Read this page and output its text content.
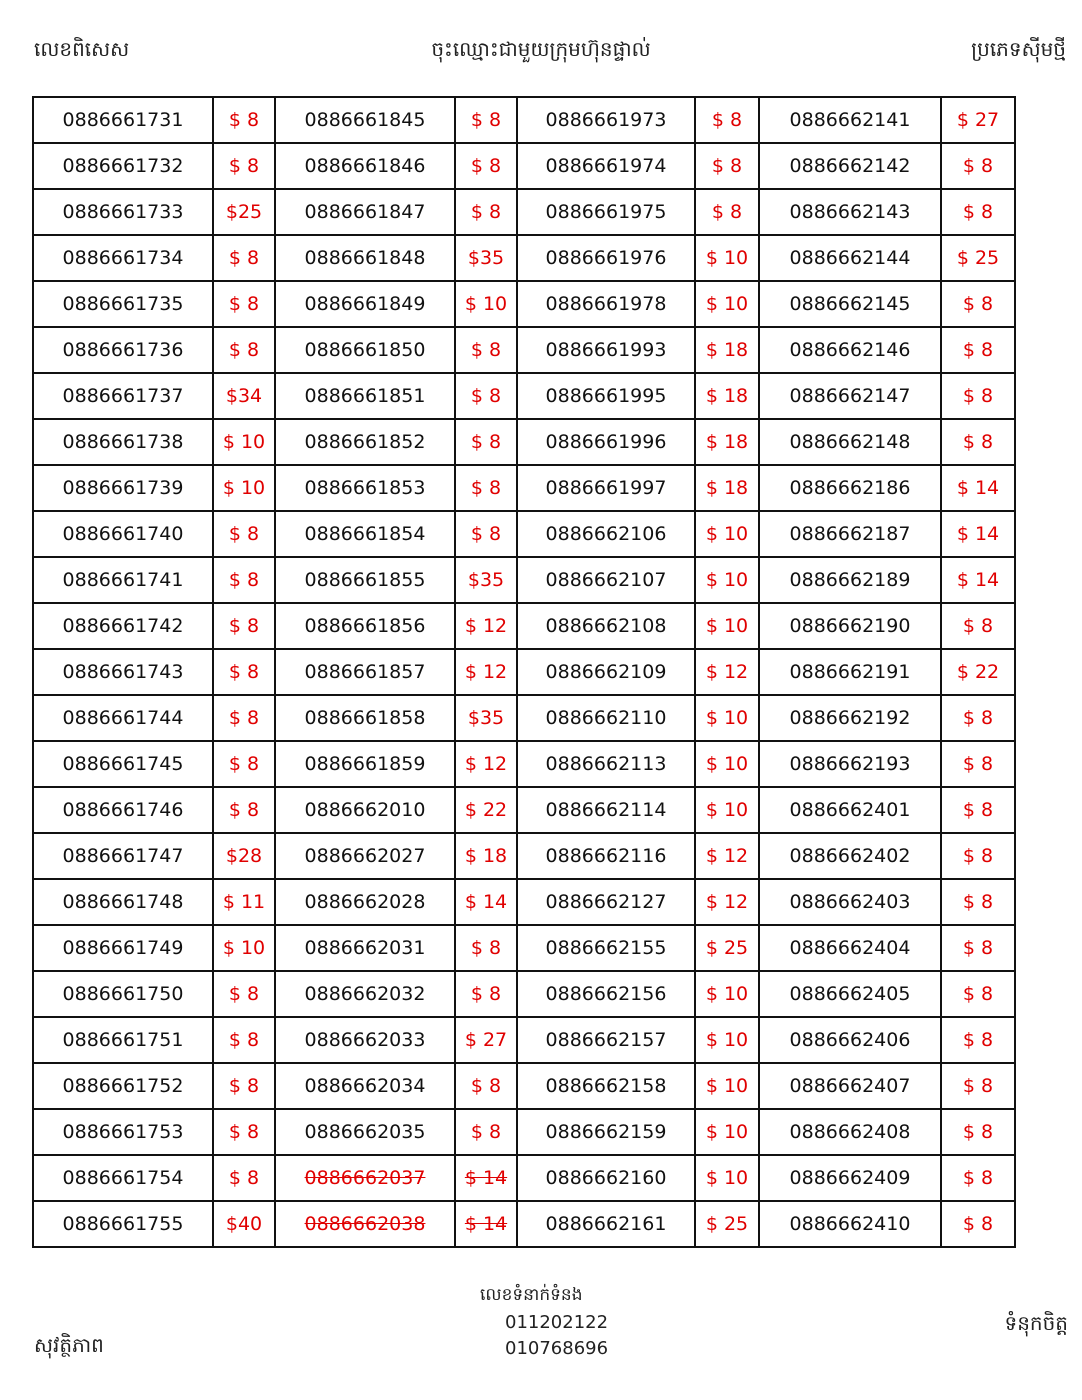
លេខពិសេស	ចុះឈ្មោះជាមួយក្រុមហ៊ុនផ្ទាល់	ប្រភេទស៊ីមថ្មី
0886661731	$ 8	0886661845	$ 8	0886661973	$ 8	0886662141	$ 27
0886661732	$ 8	0886661846	$ 8	0886661974	$ 8	0886662142	$ 8
0886661733	$25	0886661847	$ 8	0886661975	$ 8	0886662143	$ 8
0886661734	$ 8	0886661848	$35	0886661976	$ 10	0886662144	$ 25
0886661735	$ 8	0886661849	$ 10	0886661978	$ 10	0886662145	$ 8
0886661736	$ 8	0886661850	$ 8	0886661993	$ 18	0886662146	$ 8
0886661737	$34	0886661851	$ 8	0886661995	$ 18	0886662147	$ 8
0886661738	$ 10	0886661852	$ 8	0886661996	$ 18	0886662148	$ 8
0886661739	$ 10	0886661853	$ 8	0886661997	$ 18	0886662186	$ 14
0886661740	$ 8	0886661854	$ 8	0886662106	$ 10	0886662187	$ 14
0886661741	$ 8	0886661855	$35	0886662107	$ 10	0886662189	$ 14
0886661742	$ 8	0886661856	$ 12	0886662108	$ 10	0886662190	$ 8
0886661743	$ 8	0886661857	$ 12	0886662109	$ 12	0886662191	$ 22
0886661744	$ 8	0886661858	$35	0886662110	$ 10	0886662192	$ 8
0886661745	$ 8	0886661859	$ 12	0886662113	$ 10	0886662193	$ 8
0886661746	$ 8	0886662010	$ 22	0886662114	$ 10	0886662401	$ 8
0886661747	$28	0886662027	$ 18	0886662116	$ 12	0886662402	$ 8
0886661748	$ 11	0886662028	$ 14	0886662127	$ 12	0886662403	$ 8
0886661749	$ 10	0886662031	$ 8	0886662155	$ 25	0886662404	$ 8
0886661750	$ 8	0886662032	$ 8	0886662156	$ 10	0886662405	$ 8
0886661751	$ 8	0886662033	$ 27	0886662157	$ 10	0886662406	$ 8
0886661752	$ 8	0886662034	$ 8	0886662158	$ 10	0886662407	$ 8
0886661753	$ 8	0886662035	$ 8	0886662159	$ 10	0886662408	$ 8
0886661754	$ 8	0886662037	$ 14	0886662160	$ 10	0886662409	$ 8
0886661755	$40	0886662038	$ 14	0886662161	$ 25	0886662410	$ 8
លេខទំនាក់ទំនង
011202122
010768696
សុវត្ថិភាព
ទំនុកចិត្ត
